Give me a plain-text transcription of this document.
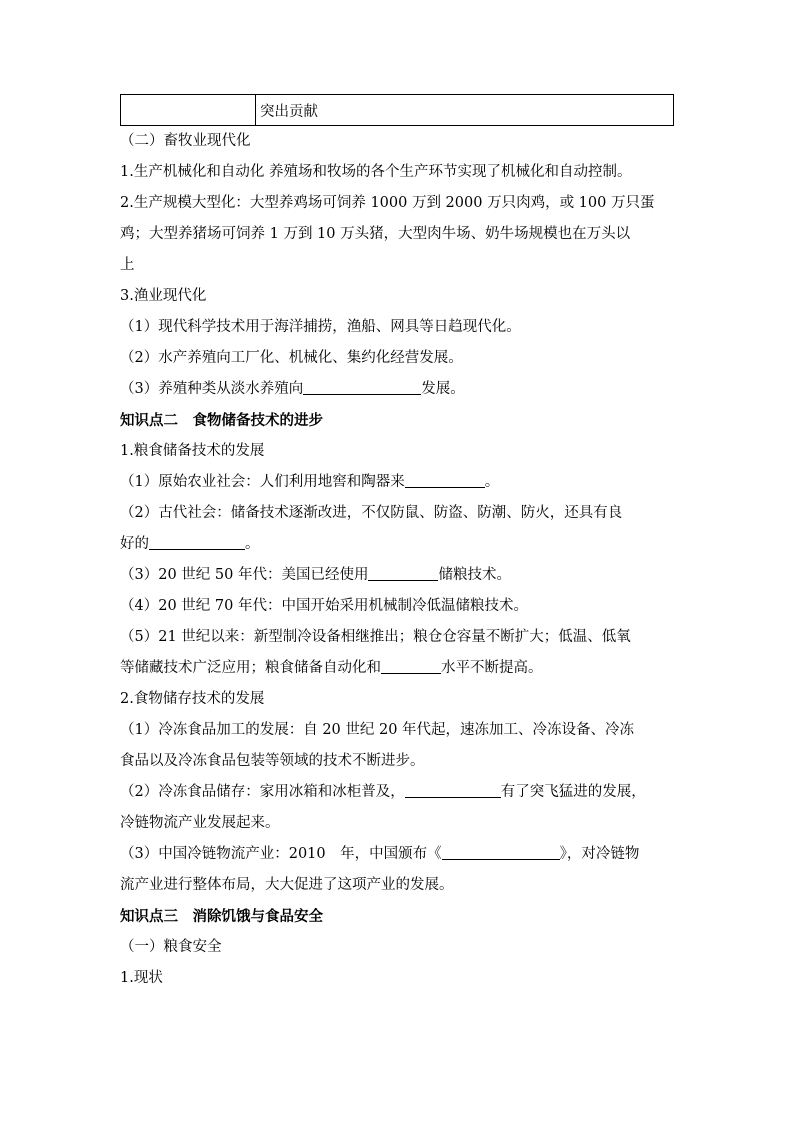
	突出贡献
（二）畜牧业现代化
1.生产机械化和自动化 养殖场和牧场的各个生产环节实现了机械化和自动控制。
2.生产规模大型化：大型养鸡场可饲养 1000 万到 2000 万只肉鸡，或 100 万只蛋
鸡；大型养猪场可饲养 1 万到 10 万头猪，大型肉牛场、奶牛场规模也在万头以
上
3.渔业现代化
（1）现代科学技术用于海洋捕捞，渔船、网具等日趋现代化。
（2）水产养殖向工厂化、机械化、集约化经营发展。
（3）养殖种类从淡水养殖向	发展。
知识点二　食物储备技术的进步
1.粮食储备技术的发展
（1）原始农业社会：人们利用地窖和陶器来	。
（2）古代社会：储备技术逐渐改进，不仅防鼠、防盗、防潮、防火，还具有良
好的	。
（3）20 世纪 50 年代：美国已经使用	储粮技术。
（4）20 世纪 70 年代：中国开始采用机械制冷低温储粮技术。
（5）21 世纪以来：新型制冷设备相继推出；粮仓仓容量不断扩大；低温、低氧
等储藏技术广泛应用；粮食储备自动化和	水平不断提高。
2.食物储存技术的发展
（1）冷冻食品加工的发展：自 20 世纪 20 年代起，速冻加工、冷冻设备、冷冻
食品以及冷冻食品包装等领域的技术不断进步。
（2）冷冻食品储存：家用冰箱和冰柜普及，	有了突飞猛进的发展，
冷链物流产业发展起来。
（3）中国冷链物流产业：2010　年，中国颁布《	》，对冷链物
流产业进行整体布局，大大促进了这项产业的发展。
知识点三　消除饥饿与食品安全
（一）粮食安全
1.现状
